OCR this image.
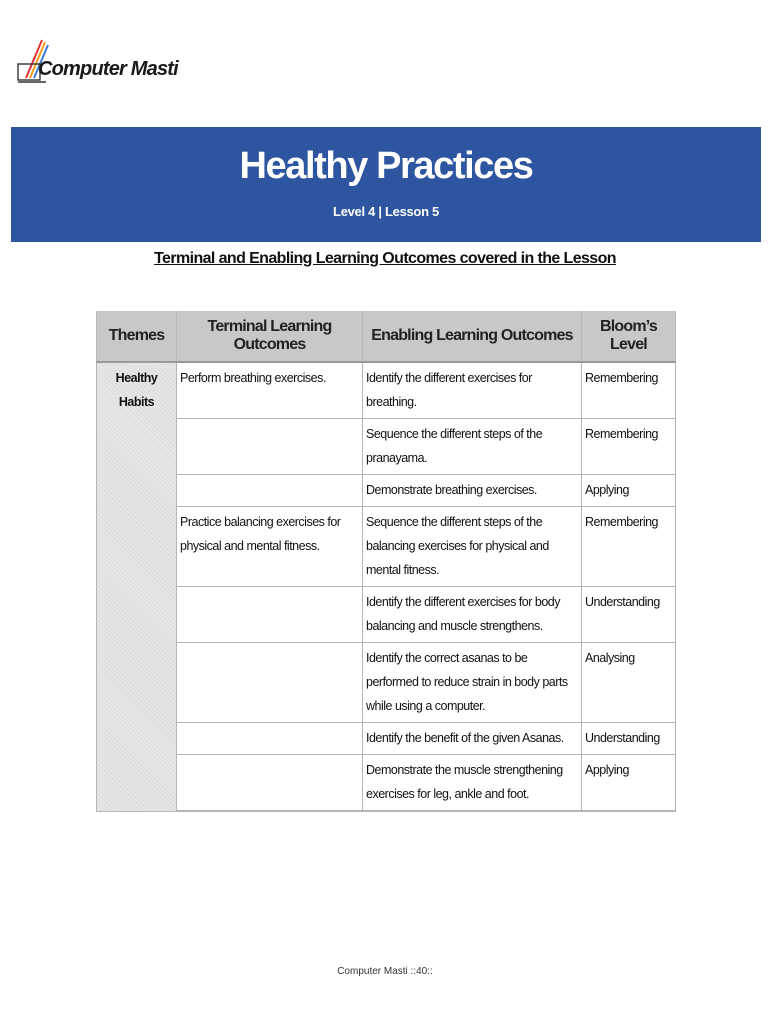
Computer Masti
Healthy Practices
Level 4 | Lesson 5
Terminal and Enabling Learning Outcomes covered in the Lesson
Themes	Terminal Learning Outcomes	Enabling Learning Outcomes	Bloom’s Level
Healthy Habits	Perform breathing exercises.	Identify the different exercises for breathing.	Remembering
		Sequence the different steps of the pranayama.	Remembering
		Demonstrate breathing exercises.	Applying
	Practice balancing exercises for physical and mental fitness.	Sequence the different steps of the balancing exercises for physical and mental fitness.	Remembering
		Identify the different exercises for body balancing and muscle strengthens.	Understanding
		Identify the correct asanas to be performed to reduce strain in body parts while using a computer.	Analysing
		Identify the benefit of the given Asanas.	Understanding
		Demonstrate the muscle strengthening exercises for leg, ankle and foot.	Applying
Computer Masti ::40::
